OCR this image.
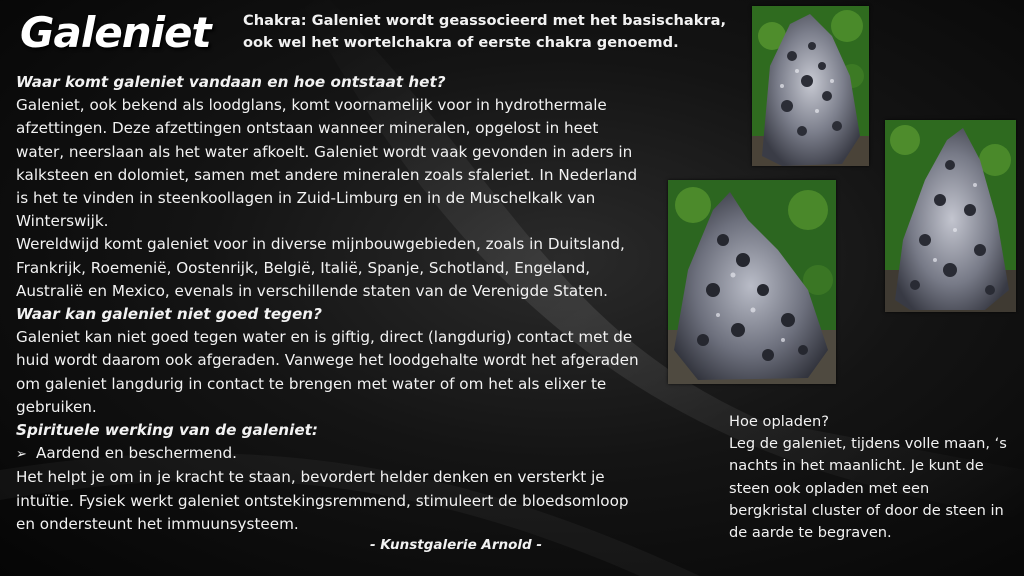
Galeniet Chakra: Galeniet wordt geassocieerd met het basischakra, ook wel het wortelchakra of eerste chakra genoemd.

Waar komt galeniet vandaan en hoe ontstaat het?

Galeniet, ook bekend als loodglans, komt voornamelijk voor in hydrothermale afzettingen. Deze afzettingen ontstaan wanneer mineralen, opgelost in heet water, neerslaan als het water afkoelt. Galeniet wordt vaak gevonden in aders in kalksteen en dolomiet, samen met andere mineralen zoals sfaleriet. In Nederland is het te vinden in steenkoollagen in Zuid-Limburg en in de Muschelkalk van Winterswijk.

Wereldwijd komt galeniet voor in diverse mijnbouwgebieden, zoals in Duitsland, Frankrijk, Roemenië, Oostenrijk, België, Italië, Spanje, Schotland, Engeland, Australië en Mexico, evenals in verschillende staten van de Verenigde Staten.

Waar kan galeniet niet goed tegen?

Galeniet kan niet goed tegen water en is giftig, direct (langdurig) contact met de huid wordt daarom ook afgeraden. Vanwege het loodgehalte wordt het afgeraden om galeniet langdurig in contact te brengen met water of om het als elixer te gebruiken.

Spirituele werking van de galeniet:

➢ Aardend en beschermend.

Het helpt je om in je kracht te staan, bevordert helder denken en versterkt je intuïtie. Fysiek werkt galeniet ontstekingsremmend, stimuleert de bloedsomloop en ondersteunt het immuunsysteem.

- Kunstgalerie Arnold -

Hoe opladen?

Leg de galeniet, tijdens volle maan, ‘s nachts in het maanlicht. Je kunt de steen ook opladen met een bergkristal cluster of door de steen in de aarde te begraven.
